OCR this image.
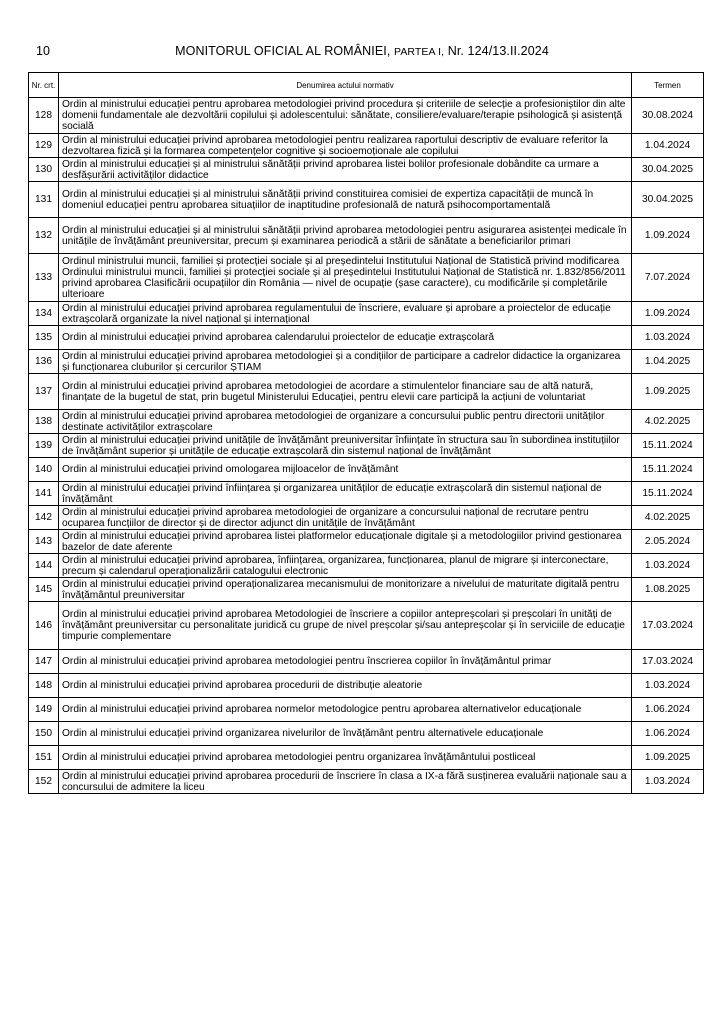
10	MONITORUL OFICIAL AL ROMÂNIEI, PARTEA I, Nr. 124/13.II.2024
Nr. crt.	Denumirea actului normativ	Termen
128	Ordin al ministrului educației pentru aprobarea metodologiei privind procedura și criteriile de selecție a profesioniștilor din alte domenii fundamentale ale dezvoltării copilului și adolescentului: sănătate, consiliere/evaluare/terapie psihologică și asistență socială	30.08.2024
129	Ordin al ministrului educației privind aprobarea metodologiei pentru realizarea raportului descriptiv de evaluare referitor la dezvoltarea fizică și la formarea competențelor cognitive și socioemoționale ale copilului	1.04.2024
130	Ordin al ministrului educației și al ministrului sănătății privind aprobarea listei bolilor profesionale dobândite ca urmare a desfășurării activităților didactice	30.04.2025
131	Ordin al ministrului educației și al ministrului sănătății privind constituirea comisiei de expertiza capacității de muncă în domeniul educației pentru aprobarea situațiilor de inaptitudine profesională de natură psihocomportamentală	30.04.2025
132	Ordin al ministrului educației și al ministrului sănătății privind aprobarea metodologiei pentru asigurarea asistenței medicale în unitățile de învățământ preuniversitar, precum și examinarea periodică a stării de sănătate a beneficiarilor primari	1.09.2024
133	Ordinul ministrului muncii, familiei și protecției sociale și al președintelui Institutului Național de Statistică privind modificarea Ordinului ministrului muncii, familiei și protecției sociale și al președintelui Institutului Național de Statistică nr. 1.832/856/2011 privind aprobarea Clasificării ocupațiilor din România — nivel de ocupație (șase caractere), cu modificările și completările ulterioare	7.07.2024
134	Ordin al ministrului educației privind aprobarea regulamentului de înscriere, evaluare și aprobare a proiectelor de educație extrașcolară organizate la nivel național și internațional	1.09.2024
135	Ordin al ministrului educației privind aprobarea calendarului proiectelor de educație extrașcolară	1.03.2024
136	Ordin al ministrului educației privind aprobarea metodologiei și a condițiilor de participare a cadrelor didactice la organizarea și funcționarea cluburilor și cercurilor ȘTIAM	1.04.2025
137	Ordin al ministrului educației privind aprobarea metodologiei de acordare a stimulentelor financiare sau de altă natură, finanțate de la bugetul de stat, prin bugetul Ministerului Educației, pentru elevii care participă la acțiuni de voluntariat	1.09.2025
138	Ordin al ministrului educației privind aprobarea metodologiei de organizare a concursului public pentru directorii unităților destinate activităților extrașcolare	4.02.2025
139	Ordin al ministrului educației privind unitățile de învățământ preuniversitar înființate în structura sau în subordinea instituțiilor de învățământ superior și unitățile de educație extrașcolară din sistemul național de învățământ	15.11.2024
140	Ordin al ministrului educației privind omologarea mijloacelor de învățământ	15.11.2024
141	Ordin al ministrului educației privind înființarea și organizarea unităților de educație extrașcolară din sistemul național de învățământ	15.11.2024
142	Ordin al ministrului educației privind aprobarea metodologiei de organizare a concursului național de recrutare pentru ocuparea funcțiilor de director și de director adjunct din unitățile de învățământ	4.02.2025
143	Ordin al ministrului educației privind aprobarea listei platformelor educaționale digitale și a metodologiilor privind gestionarea bazelor de date aferente	2.05.2024
144	Ordin al ministrului educației privind aprobarea, înființarea, organizarea, funcționarea, planul de migrare și interconectare, precum și calendarul operaționalizării catalogului electronic	1.03.2024
145	Ordin al ministrului educației privind operaționalizarea mecanismului de monitorizare a nivelului de maturitate digitală pentru învățământul preuniversitar	1.08.2025
146	Ordin al ministrului educației privind aprobarea Metodologiei de înscriere a copiilor antepreșcolari și preșcolari în unități de învățământ preuniversitar cu personalitate juridică cu grupe de nivel preșcolar și/sau antepreșcolar și în serviciile de educație timpurie complementare	17.03.2024
147	Ordin al ministrului educației privind aprobarea metodologiei pentru înscrierea copiilor în învățământul primar	17.03.2024
148	Ordin al ministrului educației privind aprobarea procedurii de distribuție aleatorie	1.03.2024
149	Ordin al ministrului educației privind aprobarea normelor metodologice pentru aprobarea alternativelor educaționale	1.06.2024
150	Ordin al ministrului educației privind organizarea nivelurilor de învățământ pentru alternativele educaționale	1.06.2024
151	Ordin al ministrului educației privind aprobarea metodologiei pentru organizarea învățământului postliceal	1.09.2025
152	Ordin al ministrului educației privind aprobarea procedurii de înscriere în clasa a IX-a fără susținerea evaluării naționale sau a concursului de admitere la liceu	1.03.2024
